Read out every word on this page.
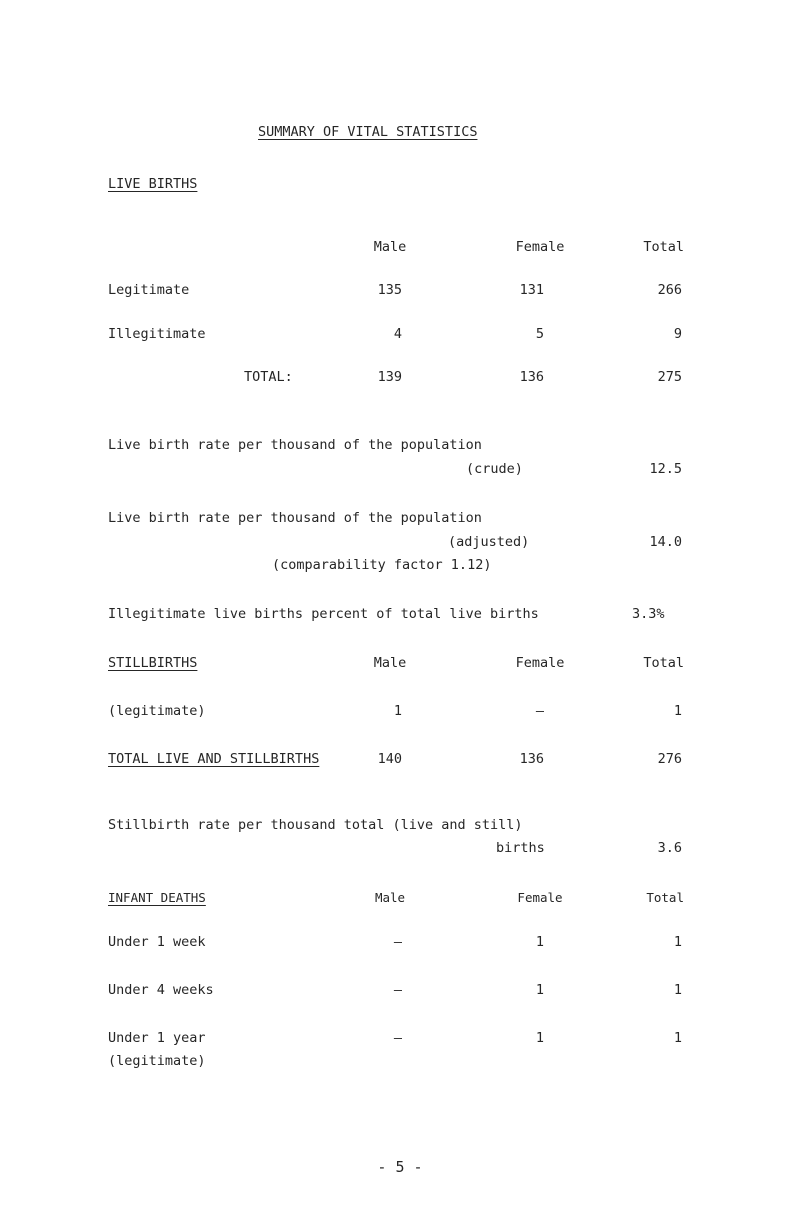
SUMMARY OF VITAL STATISTICS
LIVE BIRTHS
Male	Female	Total
Legitimate	135	131	266
Illegitimate	4	5	9
TOTAL:	139	136	275
Live birth rate per thousand of the population
(crude)	12.5
Live birth rate per thousand of the population
(adjusted)	14.0
(comparability factor 1.12)
Illegitimate live births percent of total live births	3.3%
STILLBIRTHS	Male	Female	Total
(legitimate)	1	–	1
TOTAL LIVE AND STILLBIRTHS	140	136	276
Stillbirth rate per thousand total (live and still)
births	3.6
INFANT DEATHS	Male	Female	Total
Under 1 week	–	1	1
Under 4 weeks	–	1	1
Under 1 year	–	1	1
(legitimate)
- 5 -
